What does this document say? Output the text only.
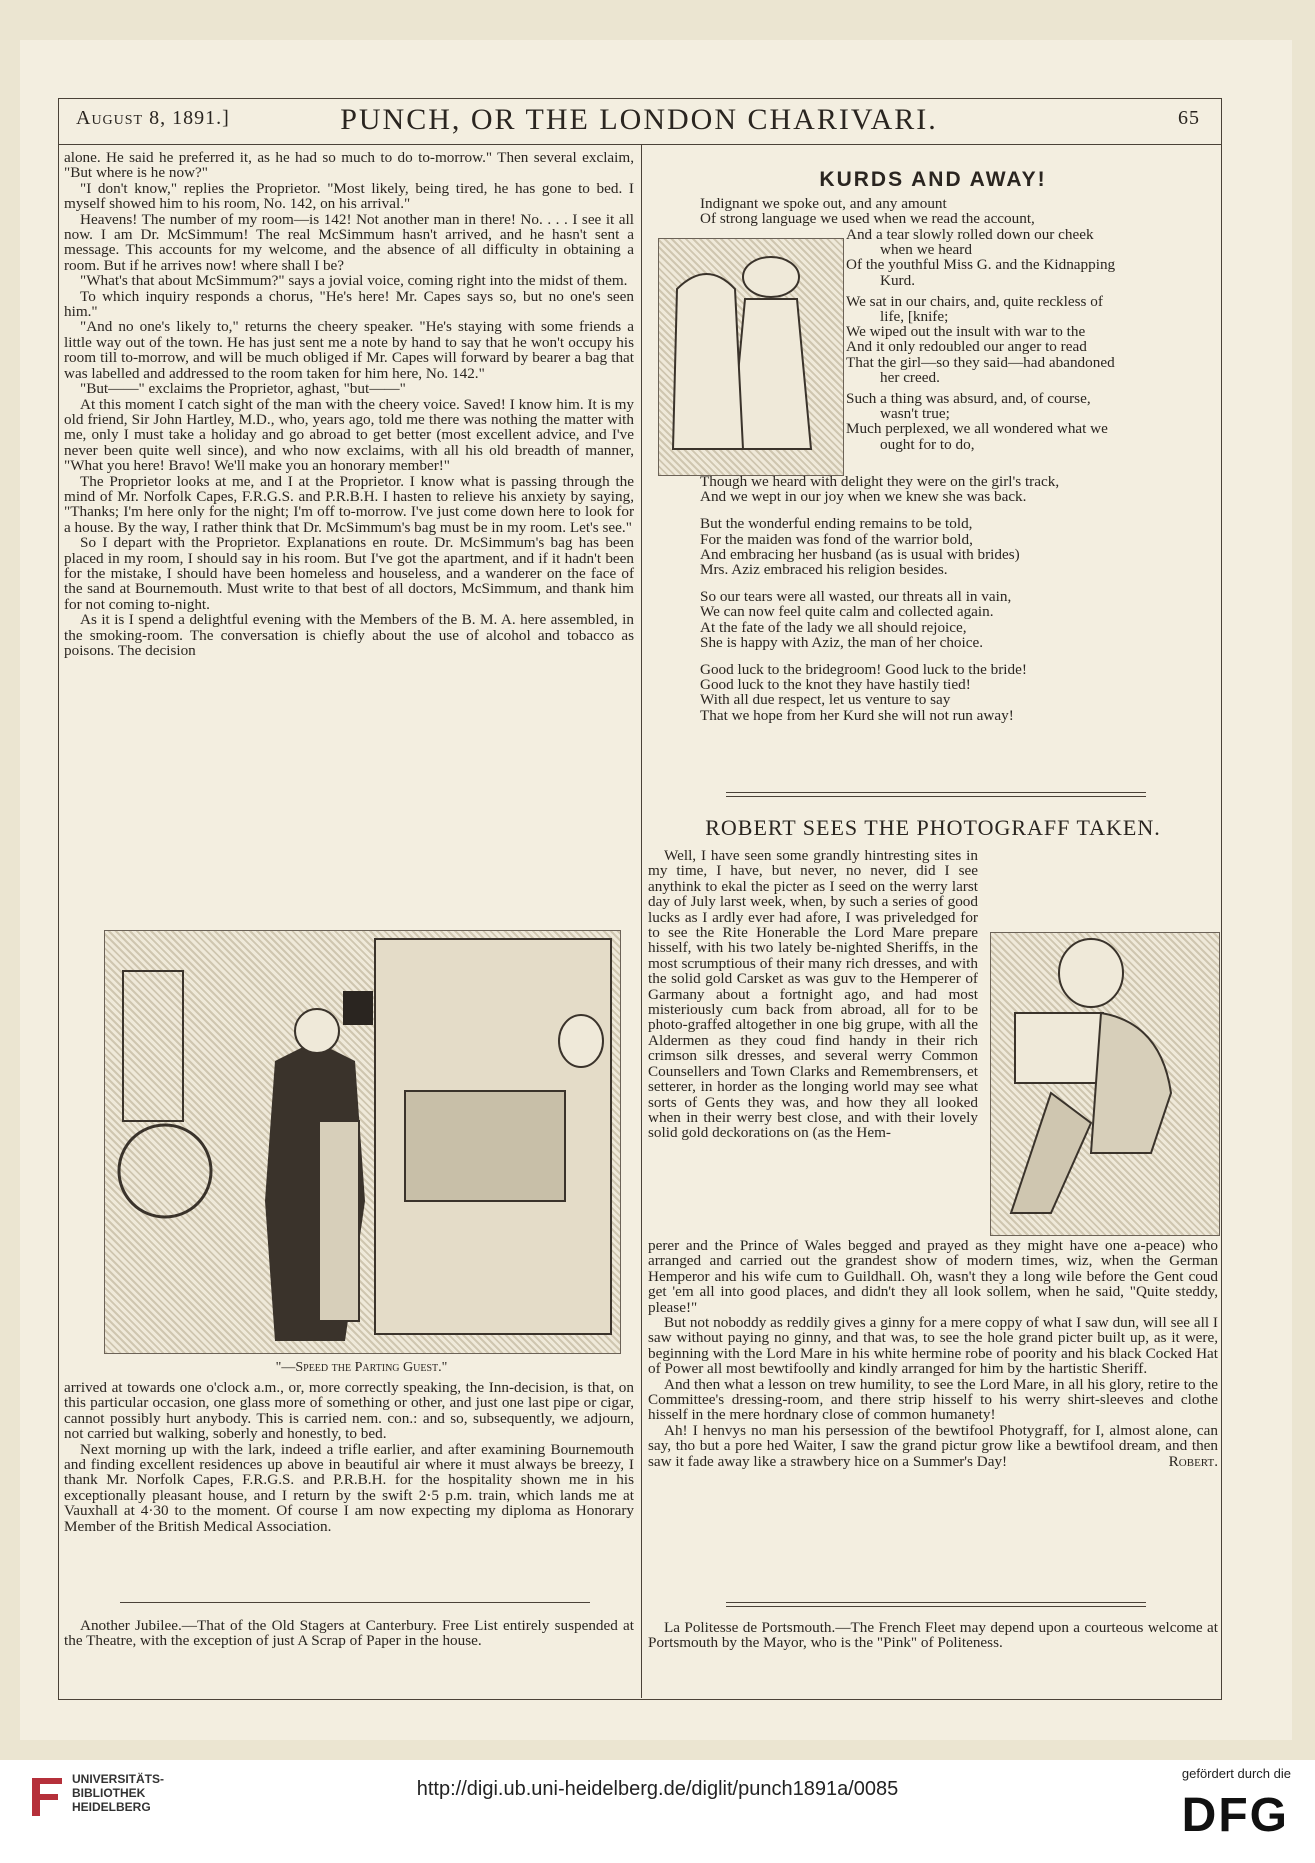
August 8, 1891.]	PUNCH, OR THE LONDON CHARIVARI.	65

alone. He said he preferred it, as he had so much to do to-morrow." Then several exclaim, "But where is he now?"

"I don't know," replies the Proprietor. "Most likely, being tired, he has gone to bed. I myself showed him to his room, No. 142, on his arrival."

Heavens! The number of my room—is 142! Not another man in there! No. . . . I see it all now. I am Dr. McSimmum! The real McSimmum hasn't arrived, and he hasn't sent a message. This accounts for my welcome, and the absence of all difficulty in obtaining a room. But if he arrives now! where shall I be?

"What's that about McSimmum?" says a jovial voice, coming right into the midst of them.

To which inquiry responds a chorus, "He's here! Mr. Capes says so, but no one's seen him."

"And no one's likely to," returns the cheery speaker. "He's staying with some friends a little way out of the town. He has just sent me a note by hand to say that he won't occupy his room till to-morrow, and will be much obliged if Mr. Capes will forward by bearer a bag that was labelled and addressed to the room taken for him here, No. 142."

"But——" exclaims the Proprietor, aghast, "but——"

At this moment I catch sight of the man with the cheery voice. Saved! I know him. It is my old friend, Sir John Hartley, M.D., who, years ago, told me there was nothing the matter with me, only I must take a holiday and go abroad to get better (most excellent advice, and I've never been quite well since), and who now exclaims, with all his old breadth of manner, "What you here! Bravo! We'll make you an honorary member!"

The Proprietor looks at me, and I at the Proprietor. I know what is passing through the mind of Mr. Norfolk Capes, F.R.G.S. and P.R.B.H. I hasten to relieve his anxiety by saying, "Thanks; I'm here only for the night; I'm off to-morrow. I've just come down here to look for a house. By the way, I rather think that Dr. McSimmum's bag must be in my room. Let's see."

So I depart with the Proprietor. Explanations en route. Dr. McSimmum's bag has been placed in my room, I should say in his room. But I've got the apartment, and if it hadn't been for the mistake, I should have been homeless and houseless, and a wanderer on the face of the sand at Bournemouth. Must write to that best of all doctors, McSimmum, and thank him for not coming to-night.

As it is I spend a delightful evening with the Members of the B. M. A. here assembled, in the smoking-room. The conversation is chiefly about the use of alcohol and tobacco as poisons. The decision

"—Speed the Parting Guest."

arrived at towards one o'clock a.m., or, more correctly speaking, the Inn-decision, is that, on this particular occasion, one glass more of something or other, and just one last pipe or cigar, cannot possibly hurt anybody. This is carried nem. con.: and so, subsequently, we adjourn, not carried but walking, soberly and honestly, to bed.

Next morning up with the lark, indeed a trifle earlier, and after examining Bournemouth and finding excellent residences up above in beautiful air where it must always be breezy, I thank Mr. Norfolk Capes, F.R.G.S. and P.R.B.H. for the hospitality shown me in his exceptionally pleasant house, and I return by the swift 2·5 p.m. train, which lands me at Vauxhall at 4·30 to the moment. Of course I am now expecting my diploma as Honorary Member of the British Medical Association.

Another Jubilee.—That of the Old Stagers at Canterbury. Free List entirely suspended at the Theatre, with the exception of just A Scrap of Paper in the house.

KURDS AND AWAY!
Indignant we spoke out, and any amount
Of strong language we used when we read the account,
And a tear slowly rolled down our cheek
when we heard
Of the youthful Miss G. and the Kidnapping
Kurd.
We sat in our chairs, and, quite reckless of
life, [knife;
We wiped out the insult with war to the
And it only redoubled our anger to read
That the girl—so they said—had abandoned
her creed.
Such a thing was absurd, and, of course,
wasn't true;
Much perplexed, we all wondered what we
ought for to do,
Though we heard with delight they were on the girl's track,
And we wept in our joy when we knew she was back.
But the wonderful ending remains to be told,
For the maiden was fond of the warrior bold,
And embracing her husband (as is usual with brides)
Mrs. Aziz embraced his religion besides.
So our tears were all wasted, our threats all in vain,
We can now feel quite calm and collected again.
At the fate of the lady we all should rejoice,
She is happy with Aziz, the man of her choice.
Good luck to the bridegroom! Good luck to the bride!
Good luck to the knot they have hastily tied!
With all due respect, let us venture to say
That we hope from her Kurd she will not run away!
ROBERT SEES THE PHOTOGRAFF TAKEN.

Well, I have seen some grandly hintresting sites in my time, I have, but never, no never, did I see anythink to ekal the picter as I seed on the werry larst day of July larst week, when, by such a series of good lucks as I ardly ever had afore, I was priveledged for to see the Rite Honerable the Lord Mare prepare hisself, with his two lately be-nighted Sheriffs, in the most scrumptious of their many rich dresses, and with the solid gold Carsket as was guv to the Hemperer of Garmany about a fortnight ago, and had most misteriously cum back from abroad, all for to be photo-graffed altogether in one big grupe, with all the Aldermen as they coud find handy in their rich crimson silk dresses, and several werry Common Counsellers and Town Clarks and Remembrensers, et setterer, in horder as the longing world may see what sorts of Gents they was, and how they all looked when in their werry best close, and with their lovely solid gold deckorations on (as the Hem-

perer and the Prince of Wales begged and prayed as they might have one a-peace) who arranged and carried out the grandest show of modern times, wiz, when the German Hemperor and his wife cum to Guildhall. Oh, wasn't they a long wile before the Gent coud get 'em all into good places, and didn't they all look sollem, when he said, "Quite steddy, please!"

But not noboddy as reddily gives a ginny for a mere coppy of what I saw dun, will see all I saw without paying no ginny, and that was, to see the hole grand picter built up, as it were, beginning with the Lord Mare in his white hermine robe of poority and his black Cocked Hat of Power all most bewtifoolly and kindly arranged for him by the hartistic Sheriff.

And then what a lesson on trew humility, to see the Lord Mare, in all his glory, retire to the Committee's dressing-room, and there strip hisself to his werry shirt-sleeves and clothe hisself in the mere hordnary close of common humanety!

Ah! I henvys no man his persession of the bewtifool Photygraff, for I, almost alone, can say, tho but a pore hed Waiter, I saw the grand pictur grow like a bewtifool dream, and then saw it fade away like a strawbery hice on a Summer's Day!	Robert.

La Politesse de Portsmouth.—The French Fleet may depend upon a courteous welcome at Portsmouth by the Mayor, who is the "Pink" of Politeness.

UNIVERSITÄTS-
BIBLIOTHEK
HEIDELBERG
http://digi.ub.uni-heidelberg.de/diglit/punch1891a/0085
gefördert durch die
DFG
